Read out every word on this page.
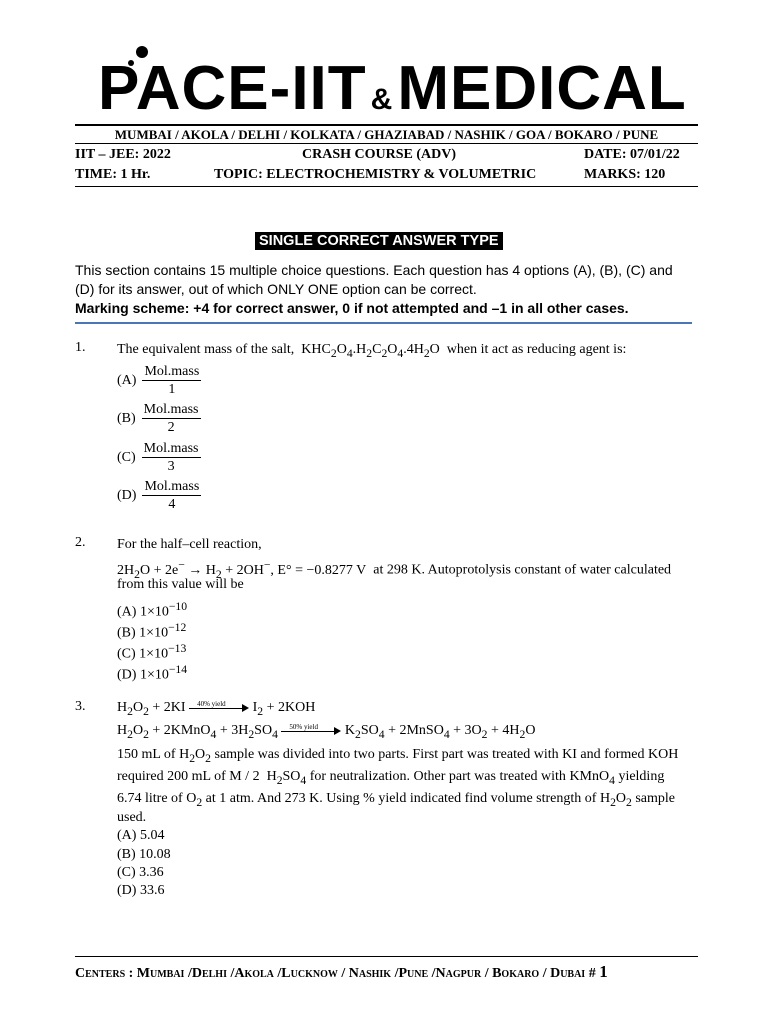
PACE-IIT &MEDICAL
MUMBAI / AKOLA / DELHI / KOLKATA / GHAZIABAD / NASHIK / GOA / BOKARO / PUNE
IIT – JEE: 2022	CRASH COURSE (ADV)	DATE: 07/01/22
TIME: 1 Hr.	TOPIC: ELECTROCHEMISTRY & VOLUMETRIC	MARKS: 120
SINGLE CORRECT ANSWER TYPE
This section contains 15 multiple choice questions. Each question has 4 options (A), (B), (C) and (D) for its answer, out of which ONLY ONE option can be correct.
Marking scheme: +4 for correct answer, 0 if not attempted and –1 in all other cases.
1. The equivalent mass of the salt,  $KHC_2O_4.H_2C_2O_4.4H_2O$  when it act as reducing agent is:
$(A) \frac{\text{Mol.mass}}{1}$
$(B) \frac{\text{Mol.mass}}{2}$
$(C) \frac{\text{Mol.mass}}{3}$
$(D) \frac{\text{Mol.mass}}{4}$
2. For the half–cell reaction,
$2H_2O + 2e^- \to H_2 + 2OH^-$, E° = −0.8277 V  at 298 K. Autoprotolysis constant of water calculated
from this value will be
(A) $1\times 10^{-10}$
(B) $1\times 10^{-12}$
(C) $1\times 10^{-13}$
(D) $1\times 10^{-14}$
3. $H_2O_2 + 2KI$ 40% yield $I_2 + 2KOH$
$H_2O_2$ + 2KMnO$_4$ + $3H_2SO_4$
50% yield $K_2SO_4$ + 2MnSO$_4$ + $3O_2 + 4H_2O$
150 mL of $H_2O_2$ sample was divided into two parts. First part was treated with KI and formed KOH
required 200 mL of M / 2  $H_2SO_4$ for neutralization. Other part was treated with KMnO$_4$ yielding
6.74 litre of $O_2$ at 1 atm. And 273 K. Using % yield indicated find volume strength of $H_2O_2$ sample
used.
(A) 5.04
(B) 10.08
(C) 3.36
(D) 33.6
Centers : Mumbai /Delhi /Akola /Lucknow / Nashik /Pune /Nagpur / Bokaro / Dubai # 1
